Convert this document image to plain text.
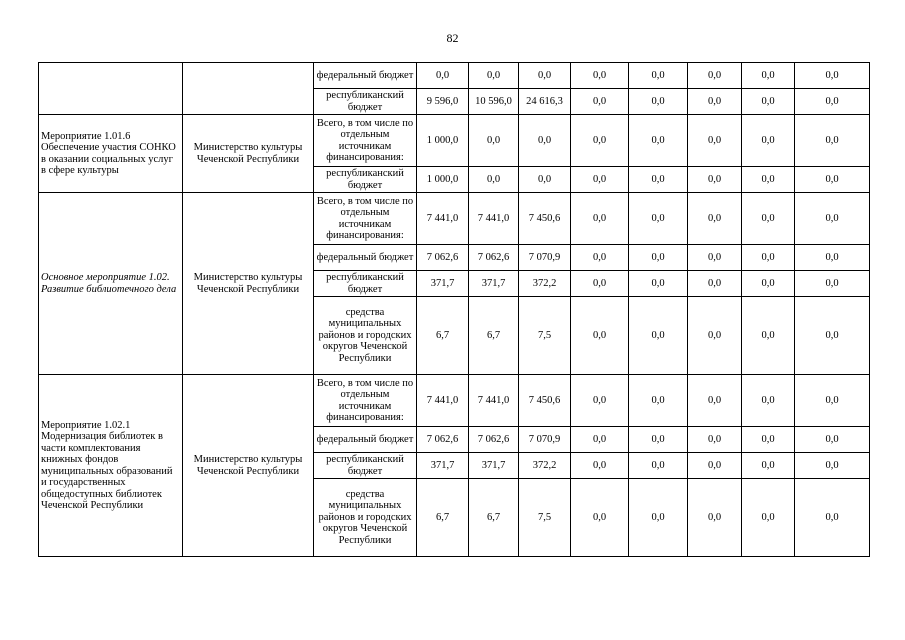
82
		федеральный бюджет	0,0	0,0	0,0	0,0	0,0	0,0	0,0	0,0
		республиканский бюджет	9 596,0	10 596,0	24 616,3	0,0	0,0	0,0	0,0	0,0
Мероприятие 1.01.6 Обеспечение участия СОНКО в оказании социальных услуг в сфере культуры	Министерство культуры Чеченской Республики	Всего, в том числе по отдельным источникам финансирования:	1 000,0	0,0	0,0	0,0	0,0	0,0	0,0	0,0
		республиканский бюджет	1 000,0	0,0	0,0	0,0	0,0	0,0	0,0	0,0
Основное мероприятие 1.02. Развитие библиотечного дела	Министерство культуры Чеченской Республики	Всего, в том числе по отдельным источникам финансирования:	7 441,0	7 441,0	7 450,6	0,0	0,0	0,0	0,0	0,0
		федеральный бюджет	7 062,6	7 062,6	7 070,9	0,0	0,0	0,0	0,0	0,0
		республиканский бюджет	371,7	371,7	372,2	0,0	0,0	0,0	0,0	0,0
		средства муниципальных районов и городских округов Чеченской Республики	6,7	6,7	7,5	0,0	0,0	0,0	0,0	0,0
Мероприятие 1.02.1 Модернизация библиотек в части комплектования книжных фондов муниципальных образований и государственных общедоступных библиотек Чеченской Республики	Министерство культуры Чеченской Республики	Всего, в том числе по отдельным источникам финансирования:	7 441,0	7 441,0	7 450,6	0,0	0,0	0,0	0,0	0,0
		федеральный бюджет	7 062,6	7 062,6	7 070,9	0,0	0,0	0,0	0,0	0,0
		республиканский бюджет	371,7	371,7	372,2	0,0	0,0	0,0	0,0	0,0
		средства муниципальных районов и городских округов Чеченской Республики	6,7	6,7	7,5	0,0	0,0	0,0	0,0	0,0
